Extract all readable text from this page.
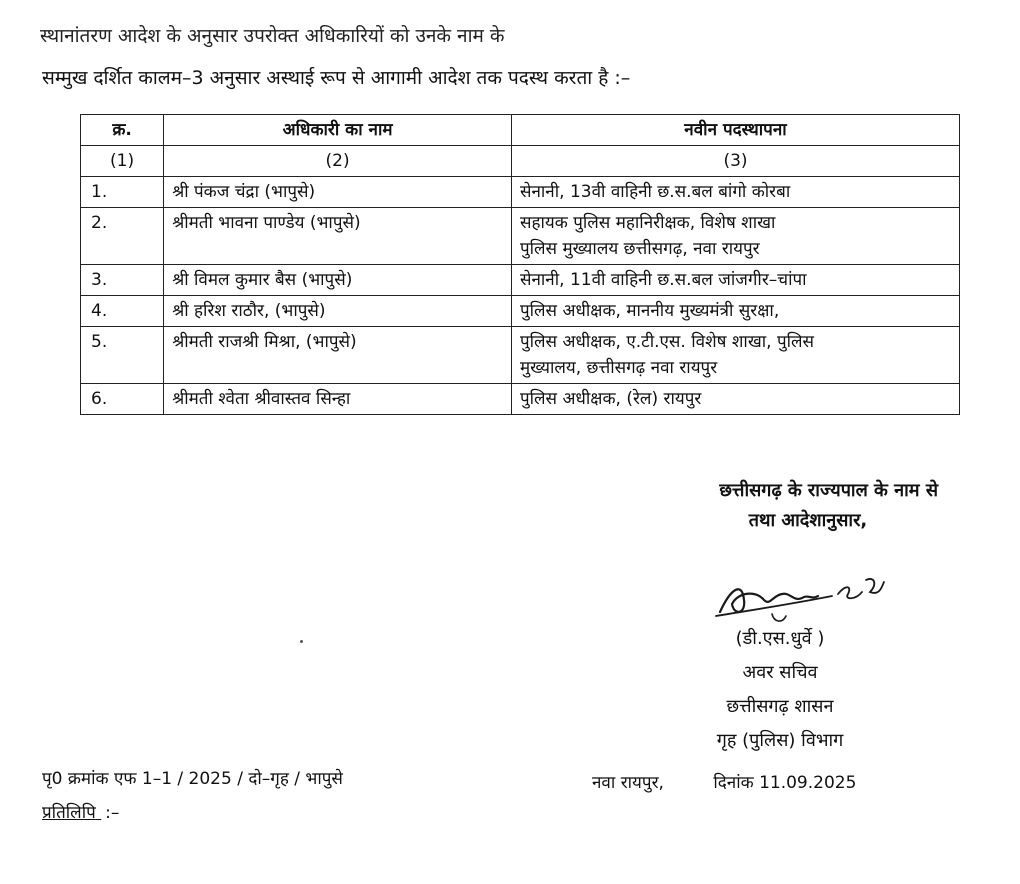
स्थानांतरण आदेश के अनुसार उपरोक्त अधिकारियों को उनके नाम के
सम्मुख दर्शित कालम–3 अनुसार अस्थाई रूप से आगामी आदेश तक पदस्थ करता है :–
क्र.	अधिकारी का नाम	नवीन पदस्थापना
(1)	(2)	(3)
1.	श्री पंकज चंद्रा (भापुसे)	सेनानी, 13वी वाहिनी छ.स.बल बांगो कोरबा

2.	श्रीमती भावना पाण्डेय (भापुसे)	सहायक पुलिस महानिरीक्षक, विशेष शाखा
पुलिस मुख्यालय छत्तीसगढ़, नवा रायपुर

3.	श्री विमल कुमार बैस (भापुसे)	सेनानी, 11वी वाहिनी छ.स.बल जांजगीर–चांपा

4.	श्री हरिश राठौर, (भापुसे)	पुलिस अधीक्षक, माननीय मुख्यमंत्री सुरक्षा,

5.	श्रीमती राजश्री मिश्रा, (भापुसे)	पुलिस अधीक्षक, ए.टी.एस. विशेष शाखा, पुलिस
मुख्यालय, छत्तीसगढ़ नवा रायपुर

6.	श्रीमती श्वेता श्रीवास्तव सिन्हा	पुलिस अधीक्षक, (रेल) रायपुर
छत्तीसगढ़ के राज्यपाल के नाम से
तथा आदेशानुसार,
(डी.एस.धुर्वे )
अवर सचिव
छत्तीसगढ़ शासन
गृह (पुलिस) विभाग
पृ0 क्रमांक एफ 1–1 / 2025 / दो–गृह / भापुसे	नवा रायपुर,	दिनांक 11.09.2025
प्रतिलिपि :–
